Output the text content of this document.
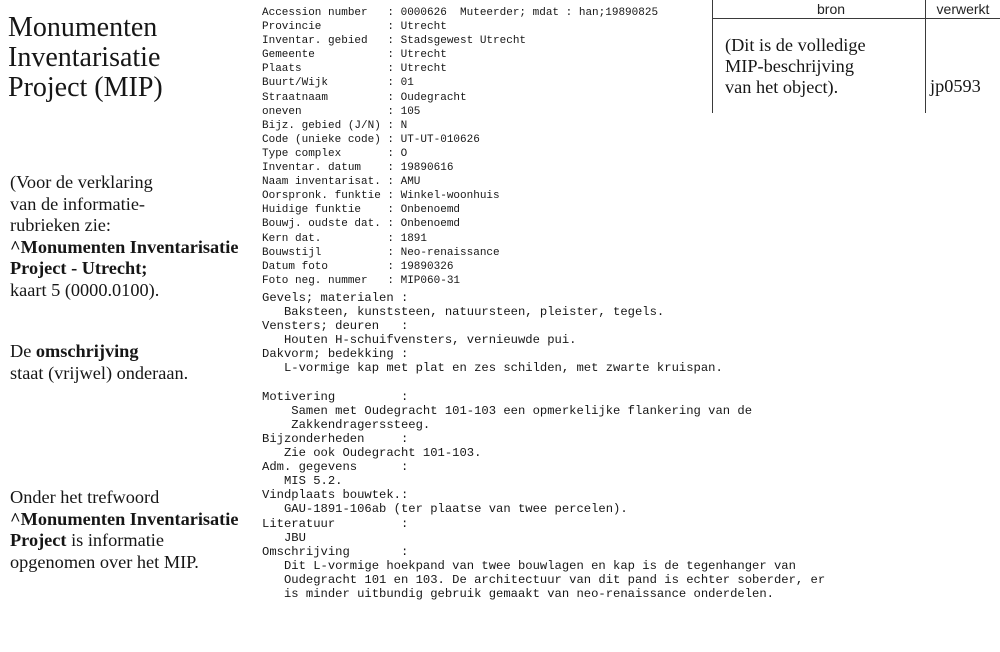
Monumenten
Inventarisatie
Project (MIP)
(Voor de verklaring
van de informatie-
rubrieken zie:
^Monumenten Inventarisatie
Project - Utrecht;
kaart 5 (0000.0100).
De omschrijving
staat (vrijwel) onderaan.
Onder het trefwoord
^Monumenten Inventarisatie
Project is informatie
opgenomen over het MIP.
Accession number : 0000626 Muteerder; mdat : han;19890825
Provincie	: Utrecht
Inventar. gebied : Stadsgewest Utrecht
Gemeente	: Utrecht
Plaats	: Utrecht
Buurt/Wijk	: 01
Straatnaam	: Oudegracht
oneven	: 105
Bijz. gebied (J/N) : N
Code (unieke code) : UT-UT-010626
Type complex	: O
Inventar. datum : 19890616
Naam inventarisat. : AMU
Oorspronk. funktie : Winkel-woonhuis
Huidige funktie : Onbenoemd
Bouwj. oudste dat. : Onbenoemd
Kern dat.	: 1891
Bouwstijl	: Neo-renaissance
Datum foto	: 19890326
Foto neg. nummer : MIP060-31
Gevels; materialen :
Baksteen, kunststeen, natuursteen, pleister, tegels.
Vensters; deuren :
Houten H-schuifvensters, vernieuwde pui.
Dakvorm; bedekking :
L-vormige kap met plat en zes schilden, met zwarte kruispan.
Motivering	:
Samen met Oudegracht 101-103 een opmerkelijke flankering van de
Zakkendragerssteeg.
Bijzonderheden	:
Zie ook Oudegracht 101-103.
Adm. gegevens	:
MIS 5.2.
Vindplaats bouwtek.:
GAU-1891-106ab (ter plaatse van twee percelen).
Literatuur	:
JBU
Omschrijving	:
Dit L-vormige hoekpand van twee bouwlagen en kap is de tegenhanger van
Oudegracht 101 en 103. De architectuur van dit pand is echter soberder, er
is minder uitbundig gebruik gemaakt van neo-renaissance onderdelen.
bron	verwerkt
(Dit is de volledige
MIP-beschrijving
van het object).	jp0593
